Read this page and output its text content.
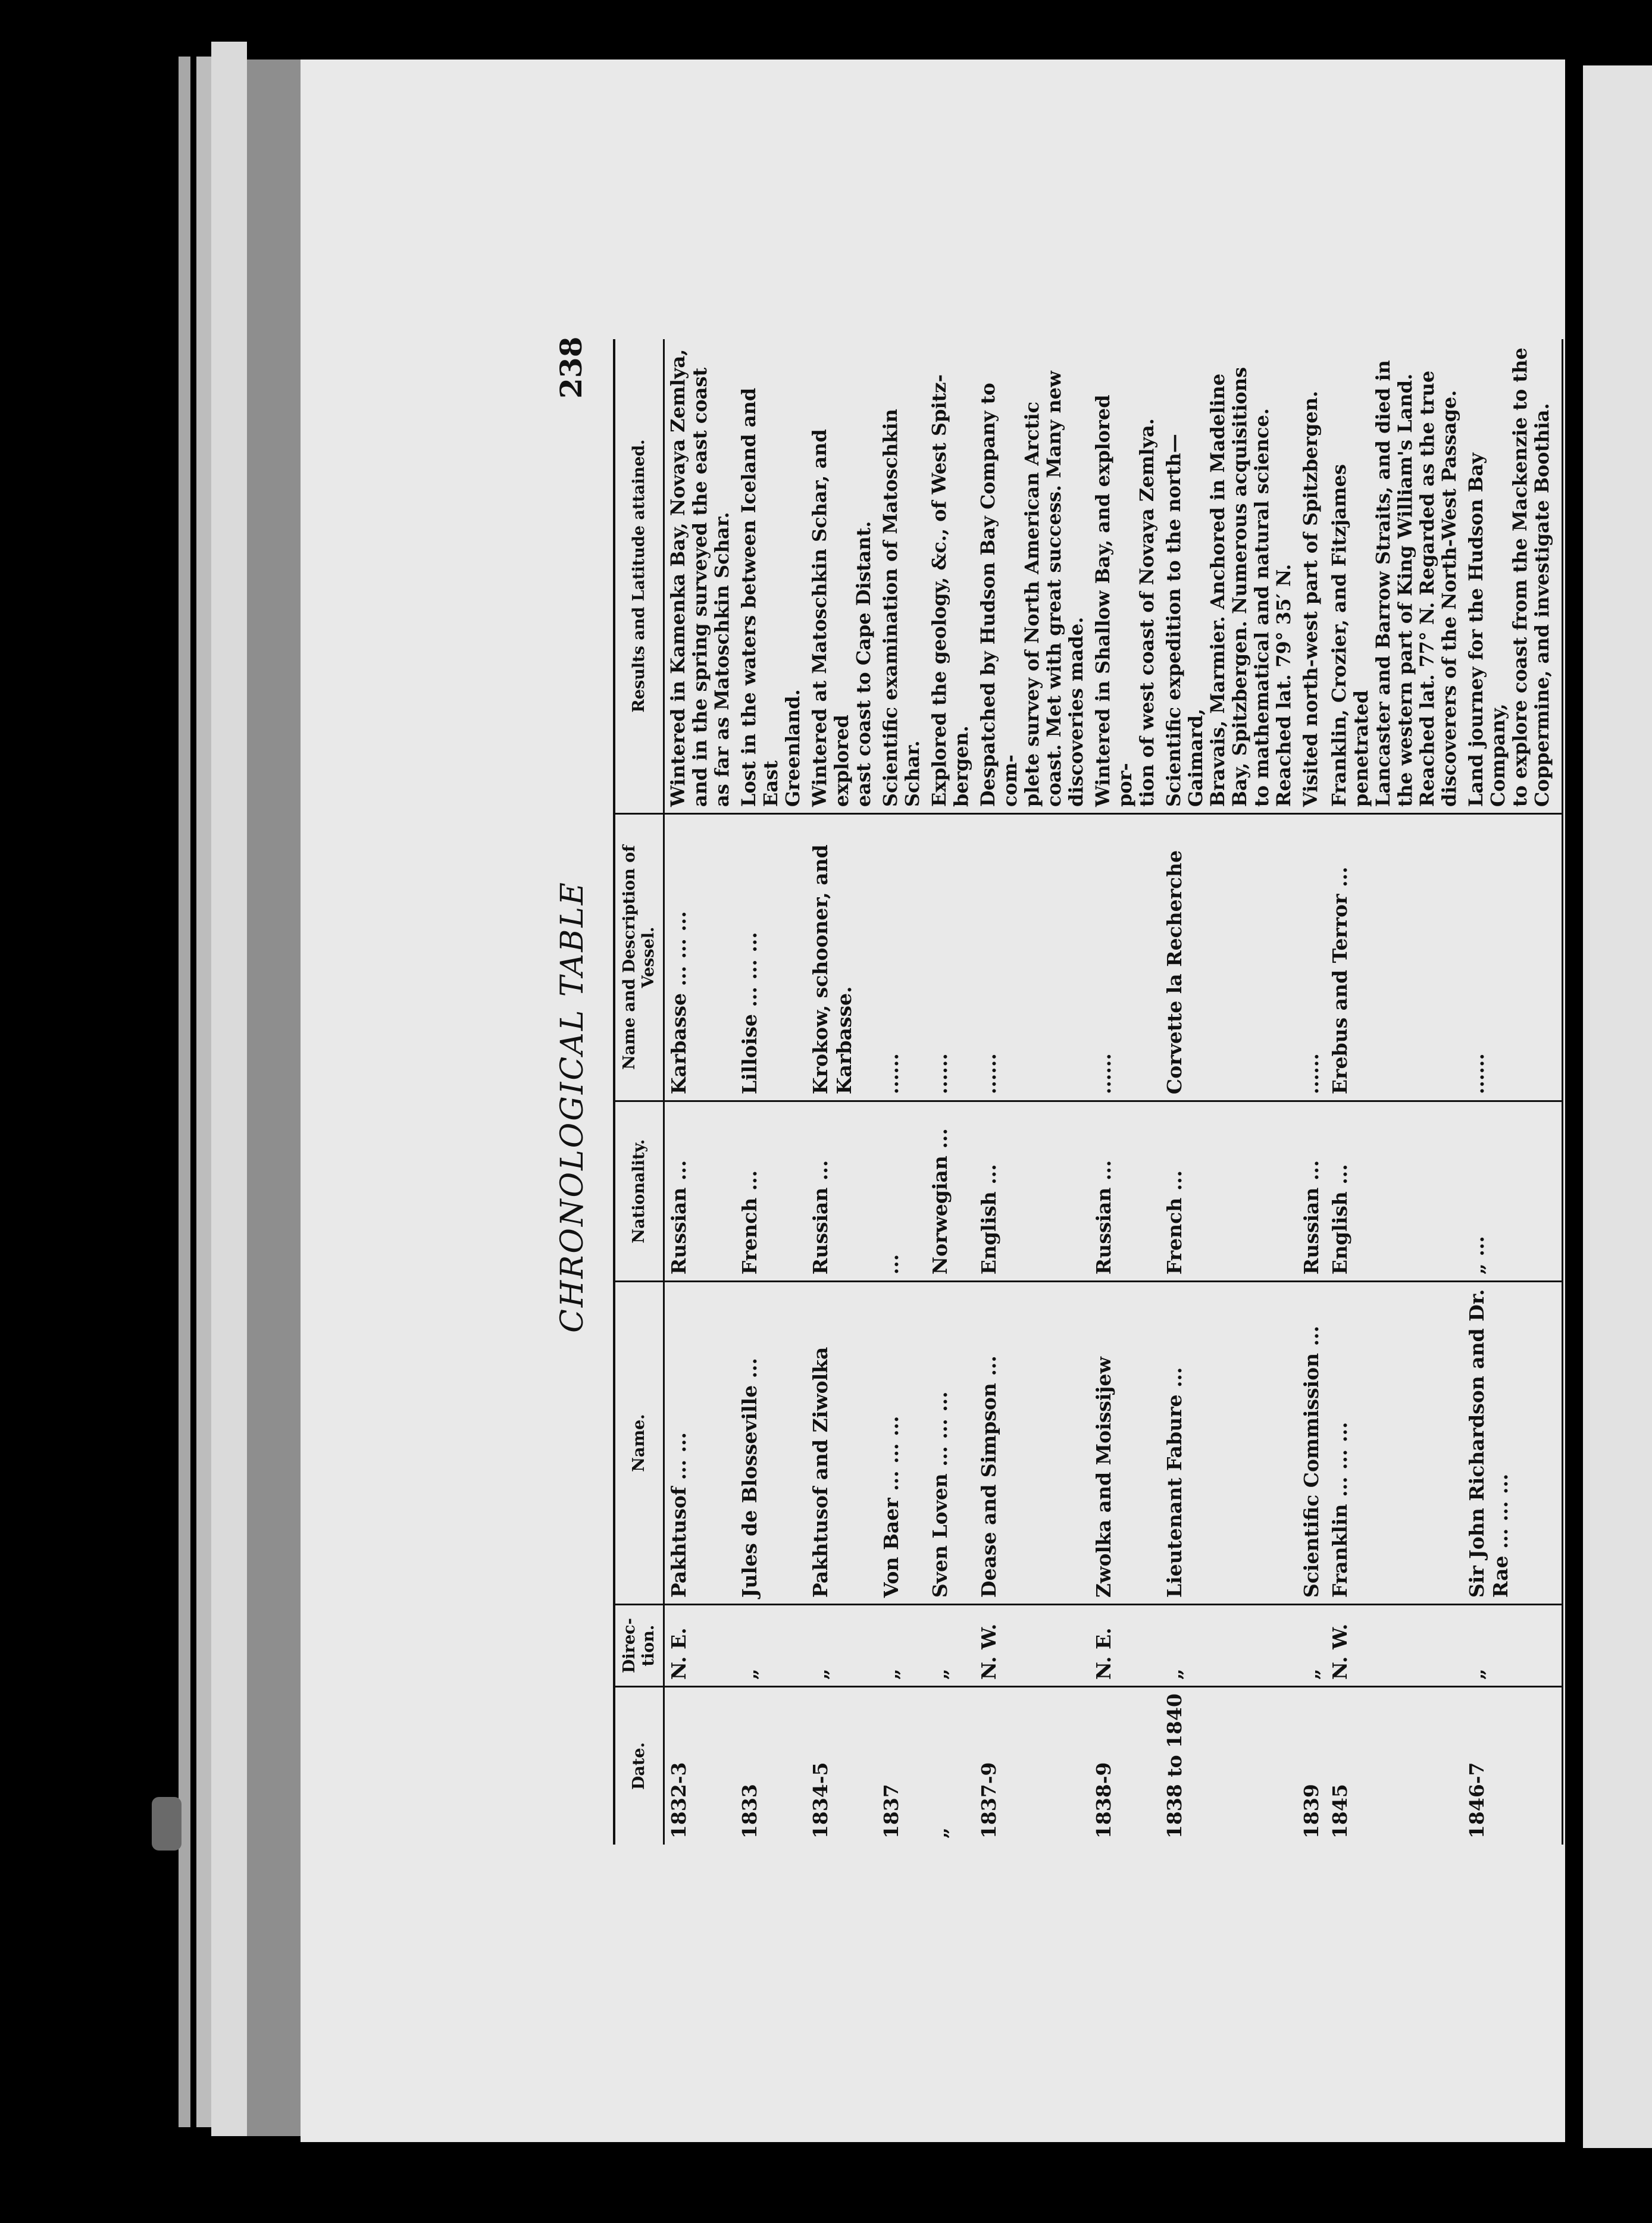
CHRONOLOGICAL TABLE
238
Date.	Direc-tion.	Name.	Nationality.	Name and Description of Vessel.	Results and Latitude attained.
1832-3	N. E.	Pakhtusof ... ...	Russian ...	Karbasse ... ... ...	Wintered in Kamenka Bay, Novaya Zemlya, and in the spring surveyed the east coast as far as Matoschkin Schar.

1833	„	Jules de Blosseville ...	French ...	Lilloise ... ... ...	Lost in the waters between Iceland and East Greenland.

1834-5	„	Pakhtusof and Ziwolka	Russian ...	Krokow, schooner, and Karbasse.	Wintered at Matoschkin Schar, and explored east coast to Cape Distant.

1837	„	Von Baer ... ... ...	...	......	Scientific examination of Matoschkin Schar.

„	„	Sven Loven ... ... ...	Norwegian ...	......	Explored the geology, &c., of West Spitz- bergen.

1837-9	N. W.	Dease and Simpson ...	English ...	......	Despatched by Hudson Bay Company to com- plete survey of North American Arctic coast. Met with great success. Many new discoveries made.

1838-9	N. E.	Zwolka and Moissijew	Russian ...	......	Wintered in Shallow Bay, and explored por- tion of west coast of Novaya Zemlya.

1838 to 1840	„	Lieutenant Fabure ...	French ...	Corvette la Recherche	Scientific expedition to the north—Gaimard, Bravais, Marmier. Anchored in Madeline Bay, Spitzbergen. Numerous acquisitions to mathematical and natural science. Reached lat. 79° 35′ N.

1839	„	Scientific Commission ...	Russian ...	......	Visited north-west part of Spitzbergen.

1845	N. W.	Franklin ... ... ...	English ...	Erebus and Terror ...	Franklin, Crozier, and Fitzjames penetrated Lancaster and Barrow Straits, and died in the western part of King William's Land. Reached lat. 77° N. Regarded as the true discoverers of the North-West Passage.

1846-7	„	Sir John Richardson and Dr. Rae ... ... ...	„ ...	......	Land journey for the Hudson Bay Company, to explore coast from the Mackenzie to the Coppermine, and investigate Boothia.
